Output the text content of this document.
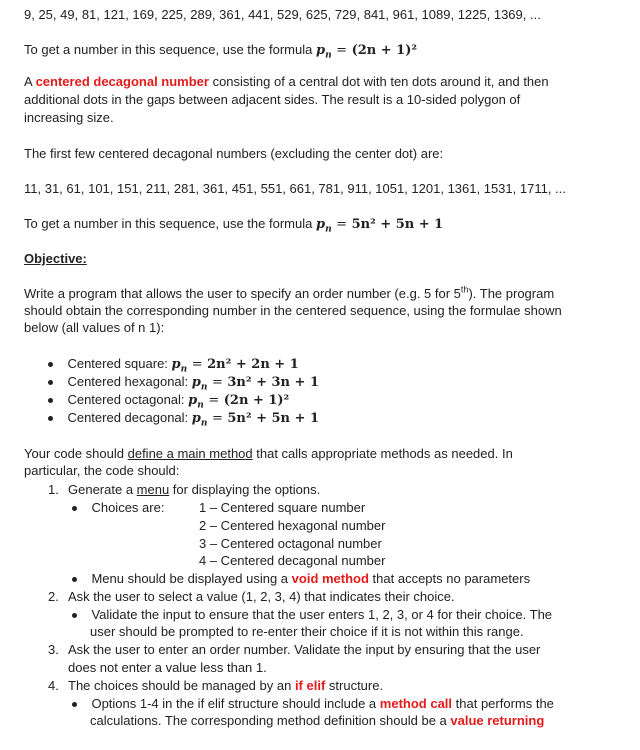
9, 25, 49, 81, 121, 169, 225, 289, 361, 441, 529, 625, 729, 841, 961, 1089, 1225, 1369, ...
To get a number in this sequence, use the formula $p_n = (2n + 1)^2$
A centered decagonal number consisting of a central dot with ten dots around it, and then
additional dots in the gaps between adjacent sides. The result is a 10-sided polygon of
increasing size.
The first few centered decagonal numbers (excluding the center dot) are:
11, 31, 61, 101, 151, 211, 281, 361, 451, 551, 661, 781, 911, 1051, 1201, 1361, 1531, 1711, ...
To get a number in this sequence, use the formula $p_n = 5n^2 + 5n + 1$
Objective:
Write a program that allows the user to specify an order number (e.g. 5 for 5th). The program
should obtain the corresponding number in the centered sequence, using the formulae shown
below (all values of n 1):
Centered square: $p_n = 2n^2 + 2n + 1$
Centered hexagonal: $p_n = 3n^2 + 3n + 1$
Centered octagonal: $p_n = (2n + 1)^2$
Centered decagonal: $p_n = 5n^2 + 5n + 1$
Your code should define a main method that calls appropriate methods as needed. In
particular, the code should:
1. Generate a menu for displaying the options.
Choices are:	1 – Centered square number
2 – Centered hexagonal number
3 – Centered octagonal number
4 – Centered decagonal number
Menu should be displayed using a void method that accepts no parameters
2. Ask the user to select a value (1, 2, 3, 4) that indicates their choice.
Validate the input to ensure that the user enters 1, 2, 3, or 4 for their choice. The
user should be prompted to re-enter their choice if it is not within this range.
3. Ask the user to enter an order number. Validate the input by ensuring that the user
does not enter a value less than 1.
4. The choices should be managed by an if elif structure.
Options 1-4 in the if elif structure should include a method call that performs the
calculations. The corresponding method definition should be a value returning
